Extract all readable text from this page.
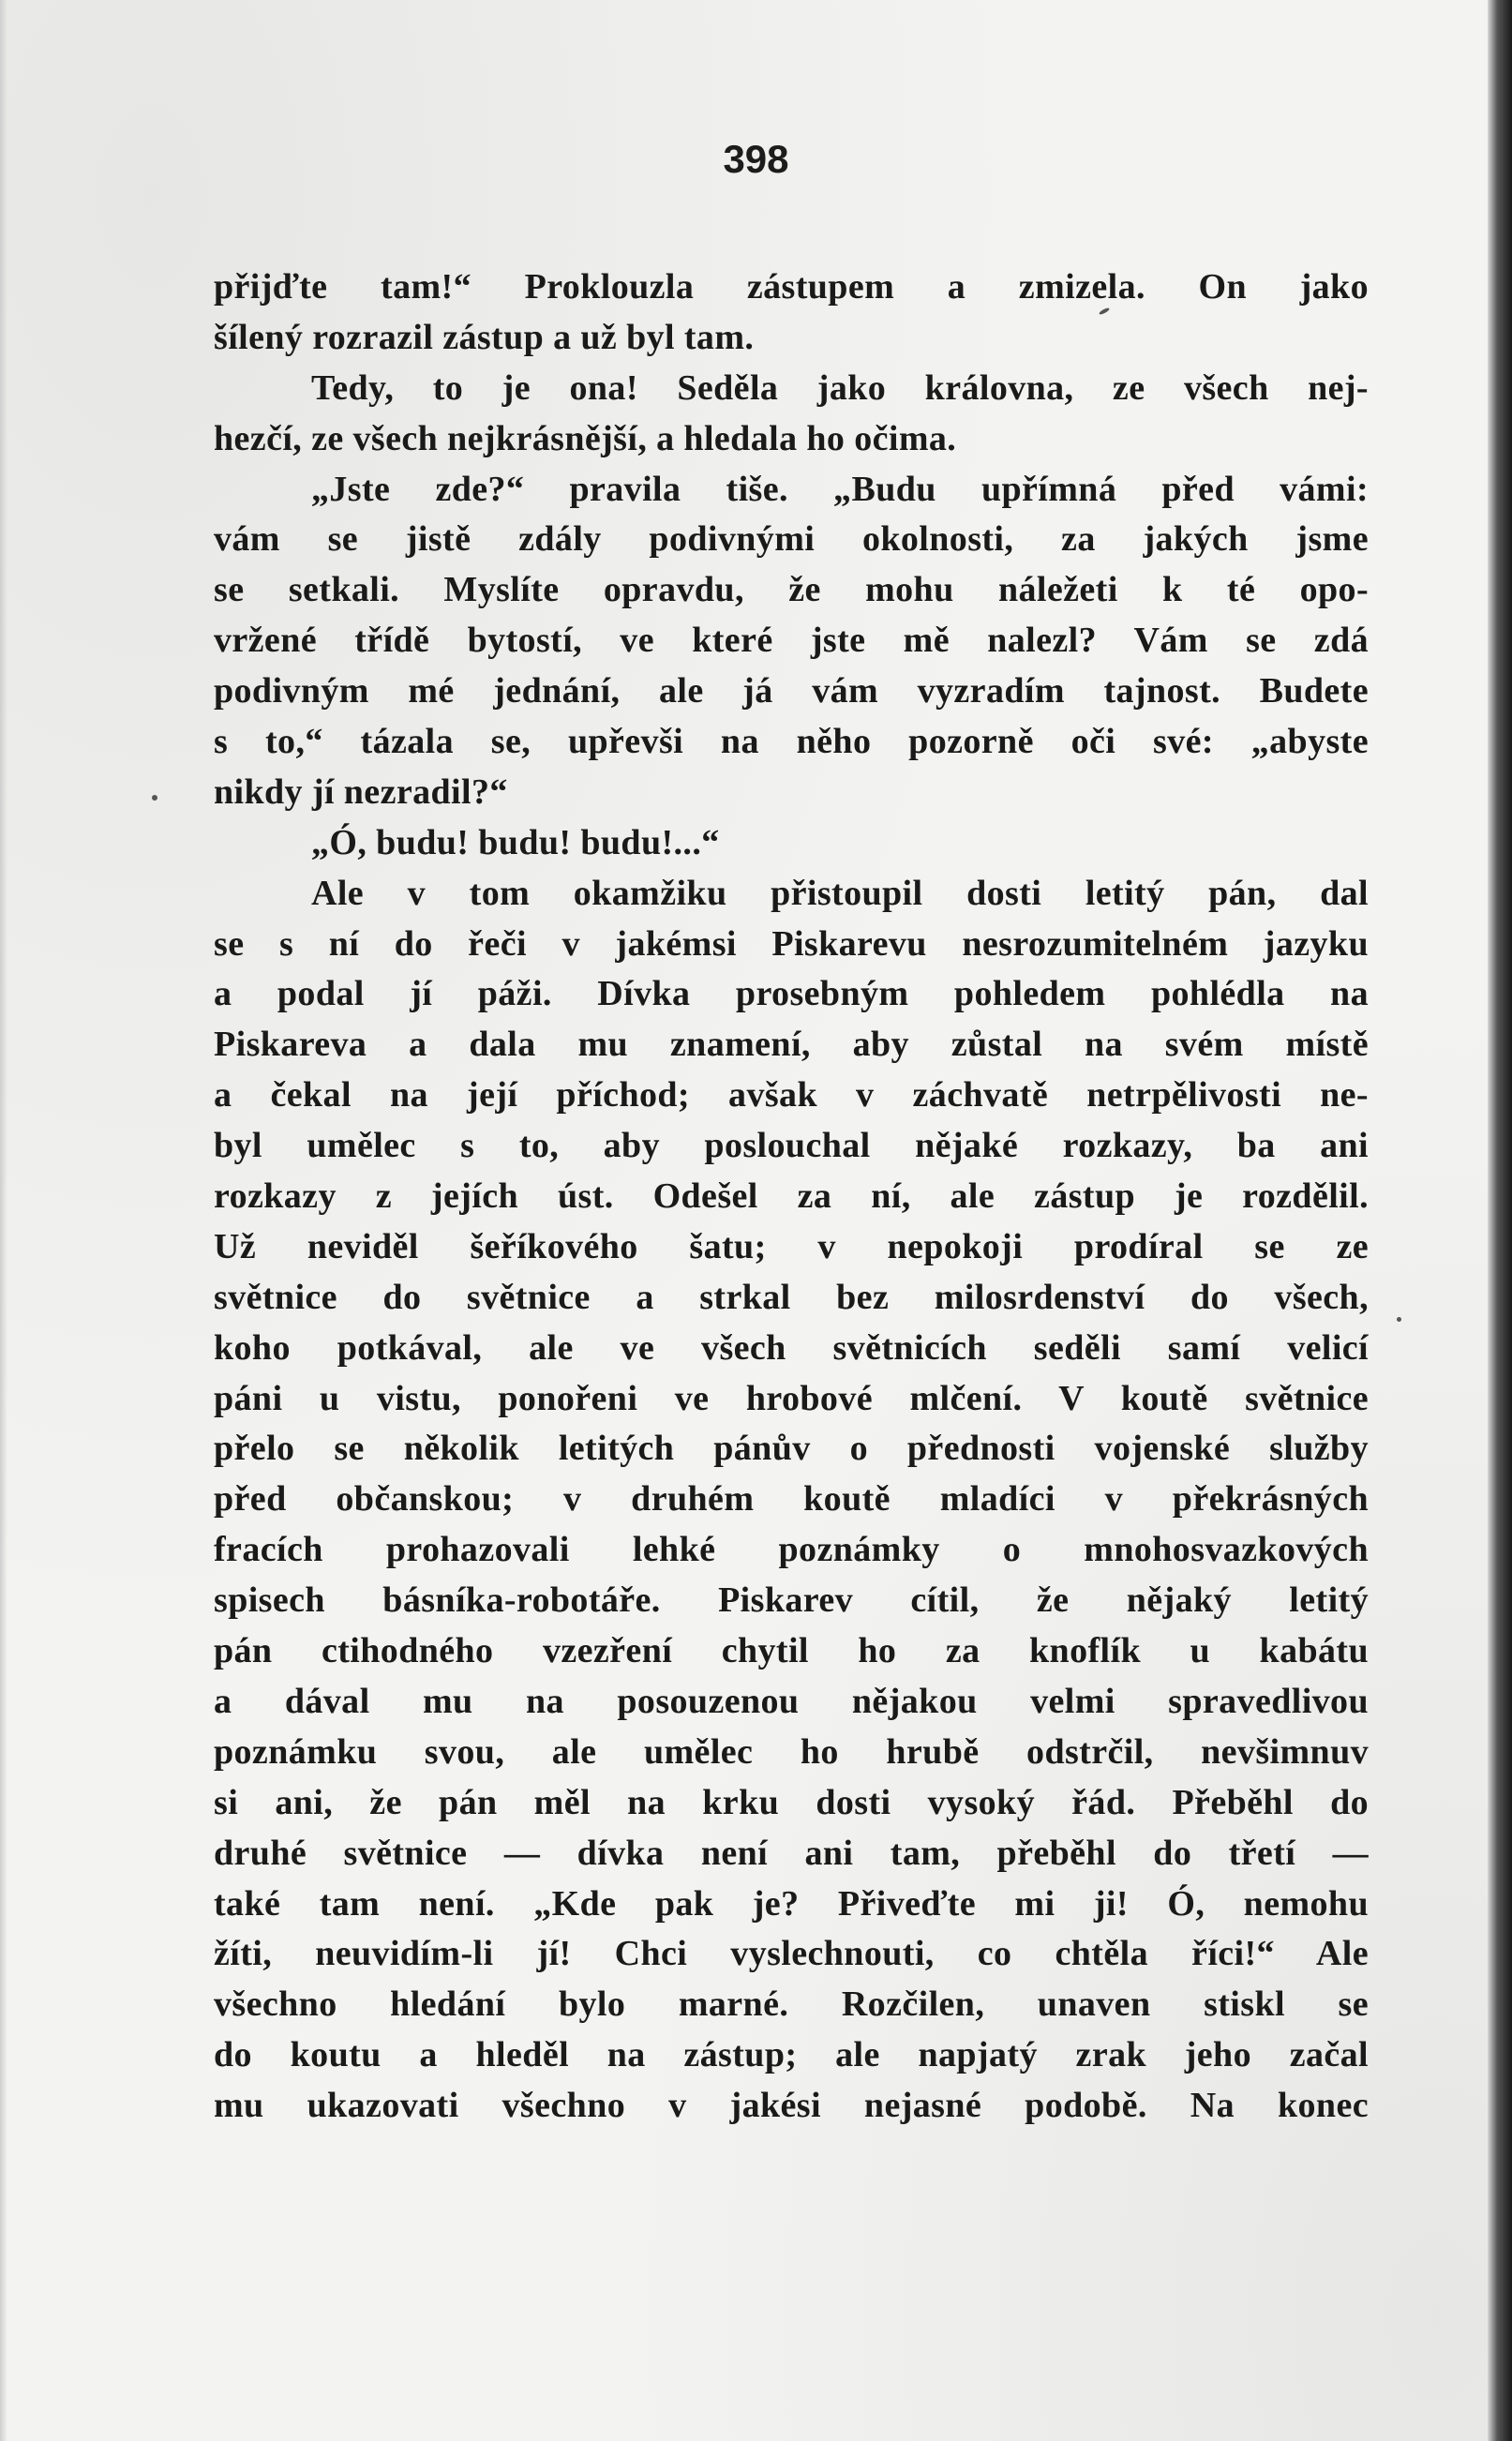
398
přijďte tam!“ Proklouzla zástupem a zmizela. On jako
šílený rozrazil zástup a už byl tam.
Tedy, to je ona! Seděla jako královna, ze všech nej-
hezčí, ze všech nejkrásnější, a hledala ho očima.
„Jste zde?“ pravila tiše. „Budu upřímná před vámi:
vám se jistě zdály podivnými okolnosti, za jakých jsme
se setkali. Myslíte opravdu, že mohu náležeti k té opo-
vržené třídě bytostí, ve které jste mě nalezl? Vám se zdá
podivným mé jednání, ale já vám vyzradím tajnost. Budete
s to,“ tázala se, upřevši na něho pozorně oči své: „abyste
nikdy jí nezradil?“
„Ó, budu! budu! budu!...“
Ale v tom okamžiku přistoupil dosti letitý pán, dal
se s ní do řeči v jakémsi Piskarevu nesrozumitelném jazyku
a podal jí páži. Dívka prosebným pohledem pohlédla na
Piskareva a dala mu znamení, aby zůstal na svém místě
a čekal na její příchod; avšak v záchvatě netrpělivosti ne-
byl umělec s to, aby poslouchal nějaké rozkazy, ba ani
rozkazy z jejích úst. Odešel za ní, ale zástup je rozdělil.
Už neviděl šeříkového šatu; v nepokoji prodíral se ze
světnice do světnice a strkal bez milosrdenství do všech,
koho potkával, ale ve všech světnicích seděli samí velicí
páni u vistu, ponořeni ve hrobové mlčení. V koutě světnice
přelo se několik letitých pánův o přednosti vojenské služby
před občanskou; v druhém koutě mladíci v překrásných
fracích prohazovali lehké poznámky o mnohosvazkových
spisech básníka-robotáře. Piskarev cítil, že nějaký letitý
pán ctihodného vzezření chytil ho za knoflík u kabátu
a dával mu na posouzenou nějakou velmi spravedlivou
poznámku svou, ale umělec ho hrubě odstrčil, nevšimnuv
si ani, že pán měl na krku dosti vysoký řád. Přeběhl do
druhé světnice — dívka není ani tam, přeběhl do třetí —
také tam není. „Kde pak je? Přiveďte mi ji! Ó, nemohu
žíti, neuvidím-li jí! Chci vyslechnouti, co chtěla říci!“ Ale
všechno hledání bylo marné. Rozčilen, unaven stiskl se
do koutu a hleděl na zástup; ale napjatý zrak jeho začal
mu ukazovati všechno v jakési nejasné podobě. Na konec
